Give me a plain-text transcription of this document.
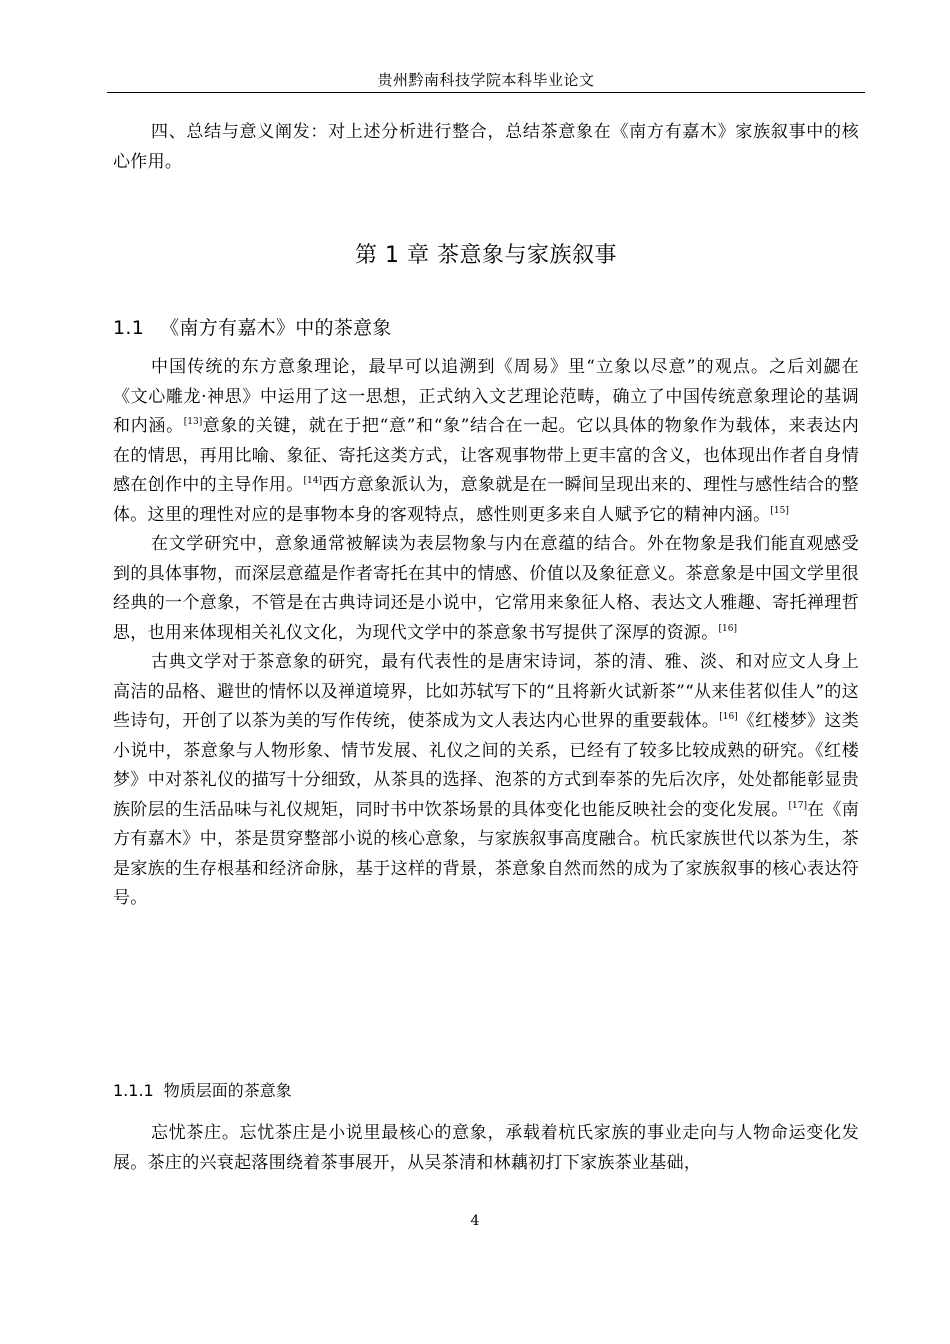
贵州黔南科技学院本科毕业论文

四、总结与意义阐发：对上述分析进行整合，总结茶意象在《南方有嘉木》家族叙事中的核心作用。

第 1 章 茶意象与家族叙事
1.1 《南方有嘉木》中的茶意象

中国传统的东方意象理论，最早可以追溯到《周易》里“立象以尽意”的观点。之后刘勰在《文心雕龙·神思》中运用了这一思想，正式纳入文艺理论范畴，确立了中国传统意象理论的基调和内涵。[13]意象的关键，就在于把“意”和“象”结合在一起。它以具体的物象作为载体，来表达内在的情思，再用比喻、象征、寄托这类方式，让客观事物带上更丰富的含义，也体现出作者自身情感在创作中的主导作用。[14]西方意象派认为，意象就是在一瞬间呈现出来的、理性与感性结合的整体。这里的理性对应的是事物本身的客观特点，感性则更多来自人赋予它的精神内涵。[15]

在文学研究中，意象通常被解读为表层物象与内在意蕴的结合。外在物象是我们能直观感受到的具体事物，而深层意蕴是作者寄托在其中的情感、价值以及象征意义。茶意象是中国文学里很经典的一个意象，不管是在古典诗词还是小说中，它常用来象征人格、表达文人雅趣、寄托禅理哲思，也用来体现相关礼仪文化，为现代文学中的茶意象书写提供了深厚的资源。[16]

古典文学对于茶意象的研究，最有代表性的是唐宋诗词，茶的清、雅、淡、和对应文人身上高洁的品格、避世的情怀以及禅道境界，比如苏轼写下的“且将新火试新茶”“从来佳茗似佳人”的这些诗句，开创了以茶为美的写作传统，使茶成为文人表达内心世界的重要载体。[16]《红楼梦》这类小说中，茶意象与人物形象、情节发展、礼仪之间的关系，已经有了较多比较成熟的研究。《红楼梦》中对茶礼仪的描写十分细致，从茶具的选择、泡茶的方式到奉茶的先后次序，处处都能彰显贵族阶层的生活品味与礼仪规矩，同时书中饮茶场景的具体变化也能反映社会的变化发展。[17]在《南方有嘉木》中，茶是贯穿整部小说的核心意象，与家族叙事高度融合。杭氏家族世代以茶为生，茶是家族的生存根基和经济命脉，基于这样的背景，茶意象自然而然的成为了家族叙事的核心表达符号。

1.1.1 物质层面的茶意象

忘忧茶庄。忘忧茶庄是小说里最核心的意象，承载着杭氏家族的事业走向与人物命运变化发展。茶庄的兴衰起落围绕着茶事展开，从吴茶清和林藕初打下家族茶业基础，

4
